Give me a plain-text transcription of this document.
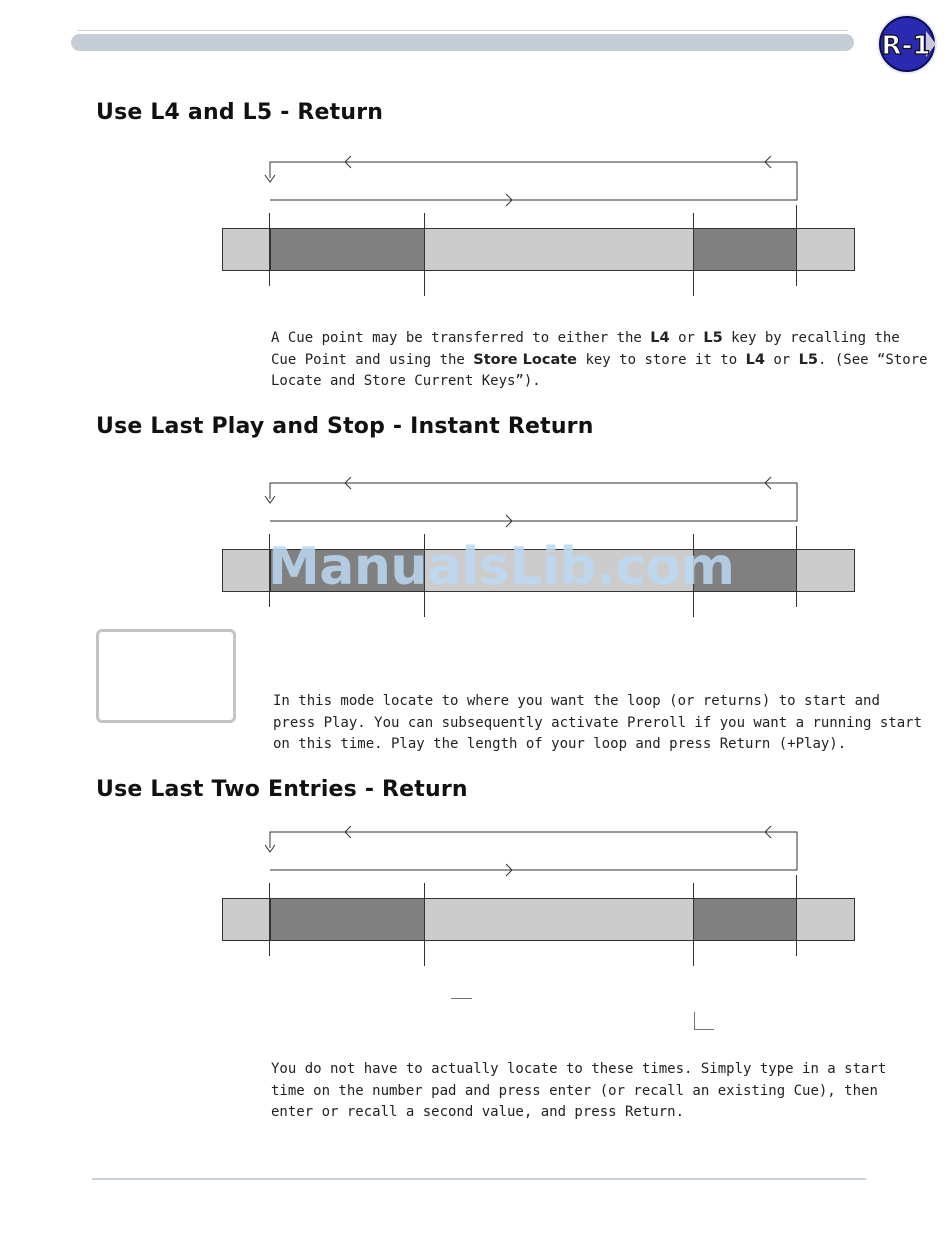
R-1
Use L4 and L5 - Return

A Cue point may be transferred to either the L4 or L5 key by recalling the
Cue Point and using the Store Locate key to store it to L4 or L5. (See “Store
Locate and Store Current Keys”).

Use Last Play and Stop - Instant Return

In this mode locate to where you want the loop (or returns) to start and
press Play. You can subsequently activate Preroll if you want a running start
on this time. Play the length of your loop and press Return (+Play).

Use Last Two Entries - Return

You do not have to actually locate to these times. Simply type in a start
time on the number pad and press enter (or recall an existing Cue), then
enter or recall a second value, and press Return.

ManualsLib.com
